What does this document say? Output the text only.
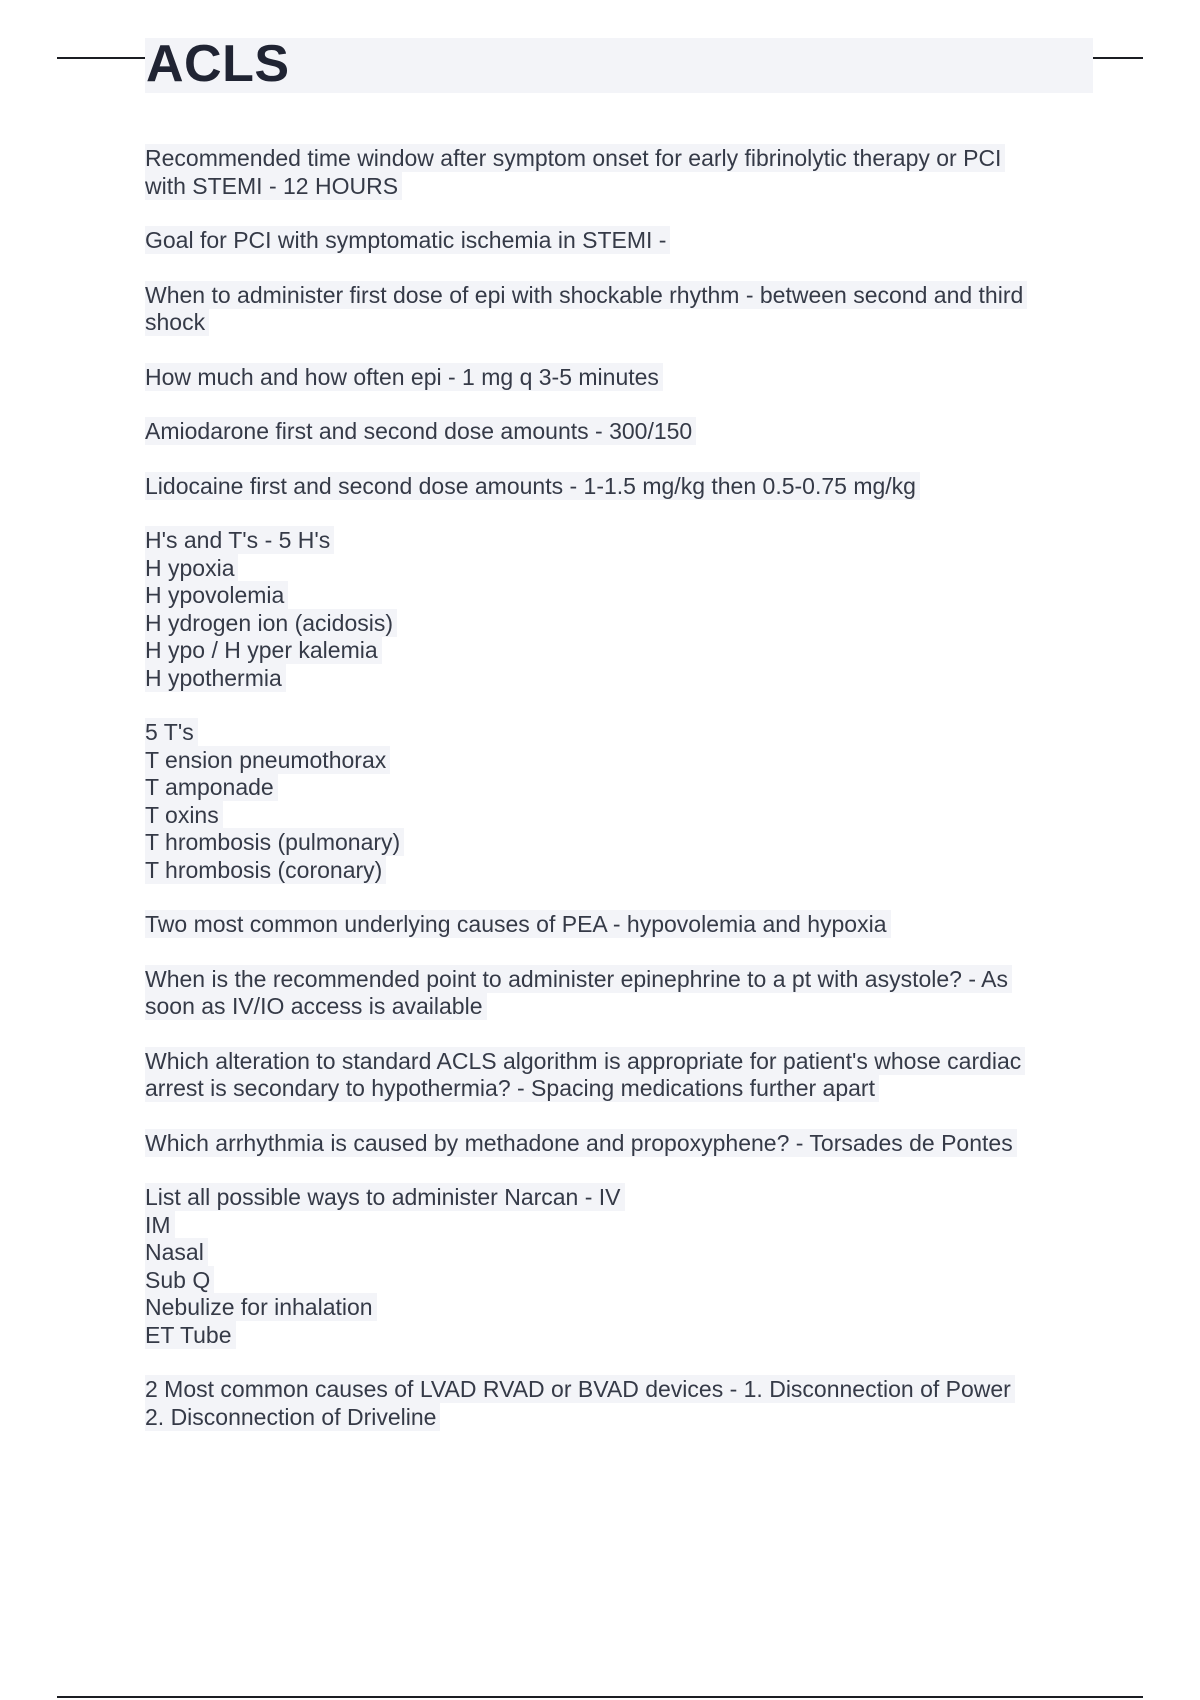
ACLS

Recommended time window after symptom onset for early fibrinolytic therapy or PCI
with STEMI - 12 HOURS

Goal for PCI with symptomatic ischemia in STEMI -

When to administer first dose of epi with shockable rhythm - between second and third
shock

How much and how often epi - 1 mg q 3-5 minutes

Amiodarone first and second dose amounts - 300/150

Lidocaine first and second dose amounts - 1-1.5 mg/kg then 0.5-0.75 mg/kg

H's and T's - 5 H's
H ypoxia
H ypovolemia
H ydrogen ion (acidosis)
H ypo / H yper kalemia
H ypothermia

5 T's
T ension pneumothorax
T amponade
T oxins
T hrombosis (pulmonary)
T hrombosis (coronary)

Two most common underlying causes of PEA - hypovolemia and hypoxia

When is the recommended point to administer epinephrine to a pt with asystole? - As
soon as IV/IO access is available

Which alteration to standard ACLS algorithm is appropriate for patient's whose cardiac
arrest is secondary to hypothermia? - Spacing medications further apart

Which arrhythmia is caused by methadone and propoxyphene? - Torsades de Pontes

List all possible ways to administer Narcan - IV
IM
Nasal
Sub Q
Nebulize for inhalation
ET Tube

2 Most common causes of LVAD RVAD or BVAD devices - 1. Disconnection of Power
2. Disconnection of Driveline
